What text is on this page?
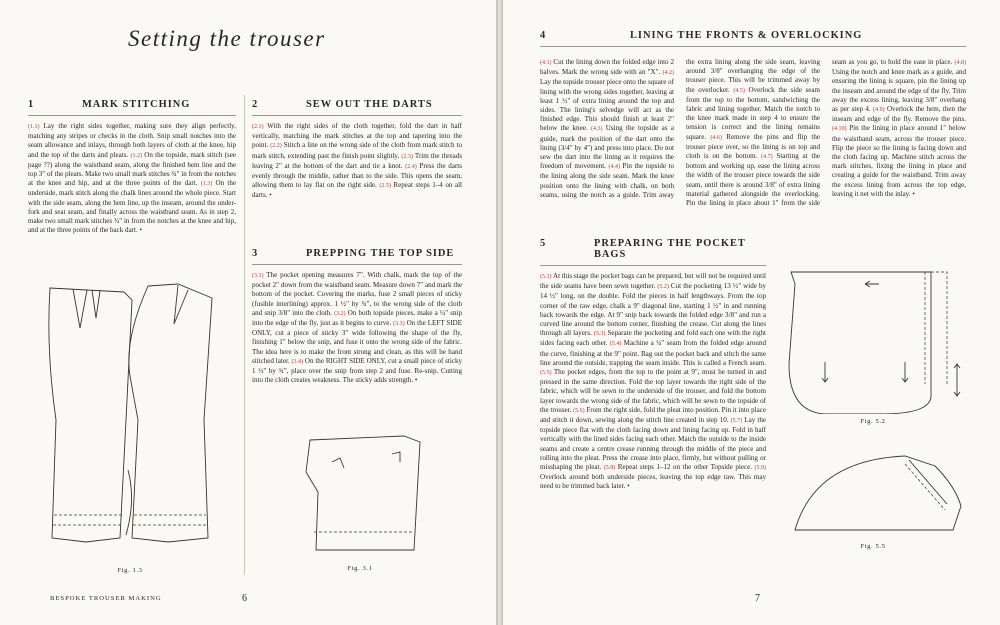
Setting the trouser
1	MARK STITCHING

(1.1) Lay the right sides together, making sure they align perfectly, matching any stripes or checks in the cloth. Snip small notches into the seam allowance and inlays, through both layers of cloth at the knee, hip and the top of the darts and pleats. (1.2) On the topside, mark stitch (see page ??) along the waistband seam, along the finished hem line and the top 3" of the pleats. Make two small mark stitches ¾" in from the notches at the knee and hip, and at the three points of the dart. (1.3) On the underside, mark stitch along the chalk lines around the whole piece. Start with the side seam, along the hem line, up the inseam, around the under-fork and seat seam, and finally across the waistband seam. As in step 2, make two small mark stitches ¾" in from the notches at the knee and hip, and at the three points of the back dart. •

2	SEW OUT THE DARTS

(2.1) With the right sides of the cloth together, fold the dart in half vertically, matching the mark stitches at the top and tapering into the point. (2.2) Stitch a line on the wrong side of the cloth from mark stitch to mark stitch, extending past the finish point slightly. (2.3) Trim the threads leaving 2" at the bottom of the dart and tie a knot. (2.4) Press the darts evenly through the middle, rather than to the side. This opens the seam, allowing them to lay flat on the right side. (2.5) Repeat steps 1–4 on all darts. •

3	PREPPING THE TOP SIDE

(3.1) The pocket opening measures 7". With chalk, mark the top of the pocket 2" down from the waistband seam. Measure down 7" and mark the bottom of the pocket. Covering the marks, fuse 2 small pieces of sticky (fusible interlining) approx. 1 ½" by ¾", to the wrong side of the cloth and snip 3/8" into the cloth. (3.2) On both topside pieces, make a ¼" snip into the edge of the fly, just as it begins to curve. (3.3) On the LEFT SIDE ONLY, cut a piece of sticky 3" wide following the shape of the fly, finishing 1" below the snip, and fuse it onto the wrong side of the fabric. The idea here is to make the front strong and clean, as this will be hand stitched later. (3.4) On the RIGHT SIDE ONLY, cut a small piece of sticky 1 ½" by ¾", place over the snip from step 2 and fuse. Re-snip. Cutting into the cloth creates weakness. The sticky adds strength. •

Fig. 1.3	Fig. 3.1
BESPOKE TROUSER MAKING	6
4	LINING THE FRONTS & OVERLOCKING

(4.1) Cut the lining down the folded edge into 2 halves. Mark the wrong side with an "X". (4.2) Lay the topside trouser piece onto the square of lining with the wrong sides together, leaving at least 1 ½" of extra lining around the top and sides. The lining's selvedge will act as the finished edge. This should finish at least 2" below the knee. (4.3) Using the topside as a guide, mark the position of the dart onto the lining (3/4" by 4") and press into place. Do not sew the dart into the lining as it requires the freedom of movement. (4.4) Pin the topside to the lining along the side seam. Mark the knee position onto the lining with chalk, on both seams, using the notch as a guide. Trim away the extra lining along the side seam, leaving around 3/8" overhanging the edge of the trouser piece. This will be trimmed away by the overlocker. (4.5) Overlock the side seam from the top to the bottom, sandwiching the fabric and lining together. Match the notch to the knee mark made in step 4 to ensure the tension is correct and the lining remains square. (4.6) Remove the pins and flip the trouser piece over, so the lining is on top and cloth is on the bottom. (4.7) Starting at the bottom and working up, ease the lining across the width of the trouser piece towards the side seam, until there is around 3/8" of extra lining material gathered alongside the overlocking. Pin the lining in place about 1" from the side seam as you go, to hold the ease in place. (4.8) Using the notch and knee mark as a guide, and ensuring the lining is square, pin the lining up the inseam and around the edge of the fly. Trim away the excess lining, leaving 3/8" overhang as per step 4. (4.9) Overlock the hem, then the inseam and edge of the fly. Remove the pins. (4.10) Pin the lining in place around 1" below the waistband seam, across the trouser piece. Flip the piece so the lining is facing down and the cloth facing up. Machine stitch across the mark stitches, fixing the lining in place and creating a guide for the waistband. Trim away the excess lining from across the top edge, leaving it net with the inlay. •

5	PREPARING THE POCKET BAGS

(5.1) At this stage the pocket bags can be prepared, but will not be required until the side seams have been sewn together. (5.2) Cut the pocketing 13 ½" wide by 14 ½" long, on the double. Fold the pieces in half lengthways. From the top corner of the raw edge, chalk a 9" diagonal line, starting 1 ½" in and running back towards the edge. At 9" snip back towards the folded edge 3/8" and run a curved line around the bottom corner, finishing the crease. Cut along the lines through all layers. (5.3) Separate the pocketing and fold each one with the right sides facing each other. (5.4) Machine a ¼" seam from the folded edge around the curve, finishing at the 9" point. Bag out the pocket back and stitch the same line around the outside, trapping the seam inside. This is called a French seam. (5.5) The pocket edges, from the top to the point at 9", must be turned in and pressed in the same direction. Fold the top layer towards the right side of the fabric, which will be sewn to the underside of the trouser, and fold the bottom layer towards the wrong side of the fabric, which will be sewn to the topside of the trouser. (5.6) From the right side, fold the pleat into position. Pin it into place and stitch it down, sewing along the stitch line created in step 10. (5.7) Lay the topside piece flat with the cloth facing down and lining facing up. Fold in half vertically with the lined sides facing each other. Match the outside to the inside seams and create a centre crease running through the middle of the piece and rolling into the pleat. Press the crease into place, firmly, but without pulling or misshaping the pleat. (5.8) Repeat steps 1–12 on the other Topside piece. (5.9) Overlock around both underside pieces, leaving the top edge raw. This may need to be trimmed back later. •

Fig. 5.2
Fig. 5.5
7
